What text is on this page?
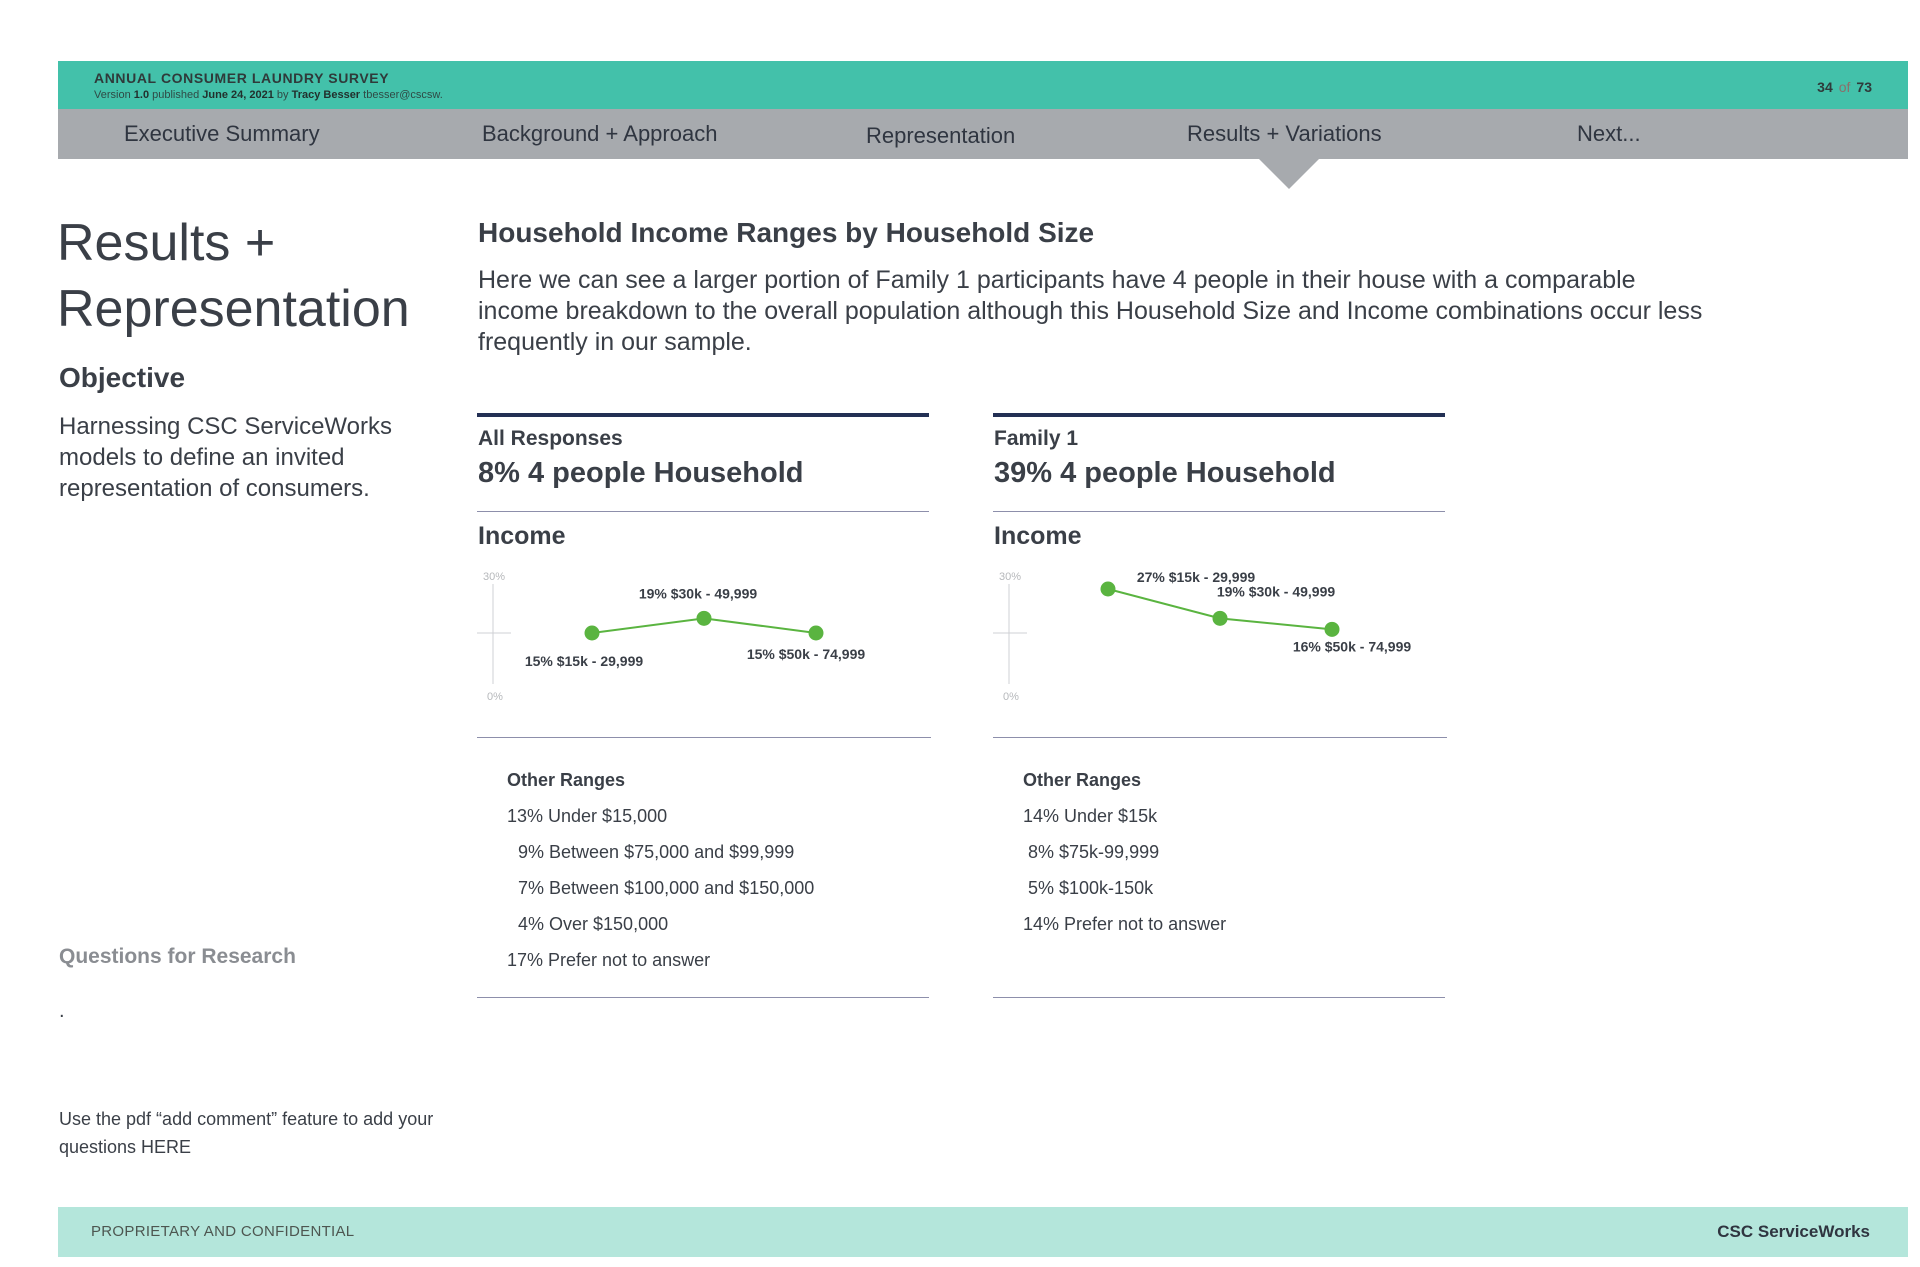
ANNUAL CONSUMER LAUNDRY SURVEY
Version 1.0 published June 24, 2021 by Tracy Besser tbesser@cscsw.	34 of 73
Executive Summary	Background + Approach	Representation	Results + Variations	Next...
Results +
Representation
Objective
Harnessing CSC ServiceWorks models to define an invited representation of consumers.
Questions for Research
.
Use the pdf “add comment” feature to add your questions HERE
Household Income Ranges by Household Size
Here we can see a larger portion of Family 1 participants have 4 people in their house with a comparable income breakdown to the overall population although this Household Size and Income combinations occur less frequently in our sample.
All Responses
8% 4 people Household
Income
30%
0%
15% $15k - 29,999
19% $30k - 49,999
15% $50k - 74,999
Other Ranges
13% Under $15,000
9% Between $75,000 and $99,999
7% Between $100,000 and $150,000
4% Over $150,000
17% Prefer not to answer
Family 1
39% 4 people Household
Income
30%
0%
27% $15k - 29,999
19% $30k - 49,999
16% $50k - 74,999
Other Ranges
14% Under $15k
8% $75k-99,999
5% $100k-150k
14% Prefer not to answer
PROPRIETARY AND CONFIDENTIAL	CSC ServiceWorks
